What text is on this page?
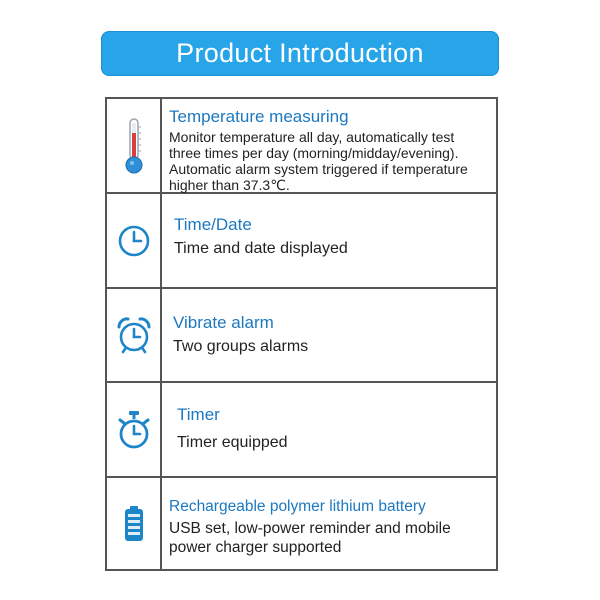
Product Introduction
Temperature measuring
Monitor temperature all day, automatically test three times per day (morning/midday/evening). Automatic alarm system triggered if temperature higher than 37.3℃.
Time/Date
Time and date displayed
Vibrate alarm
Two groups alarms
Timer
Timer equipped
Rechargeable polymer lithium battery
USB set, low-power reminder and mobile power charger supported
